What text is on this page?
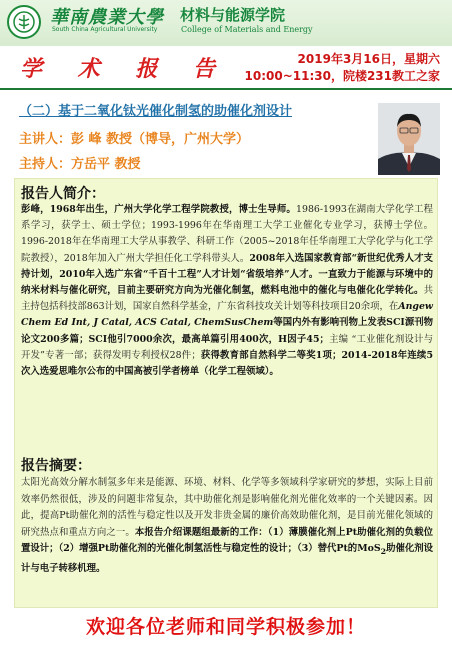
華南農業大學
South China Agricultural University
材料与能源学院
College of Materials and Energy
学 术 报 告	2019年3月16日，星期六
10:00~11:30，院楼231教工之家
（二）基于二氧化钛光催化制氢的助催化剂设计
主讲人：彭 峰 教授（博导，广州大学）
主持人：方岳平 教授
报告人简介：

彭峰，1968年出生，广州大学化学工程学院教授，博士生导师。1986-1993在湖南大学化学工程系学习，获学士、硕士学位；1993-1996年在华南理工大学工业催化专业学习，获博士学位。1996-2018年在华南理工大学从事教学、科研工作（2005~2018年任华南理工大学化学与化工学院教授），2018年加入广州大学担任化工学科带头人。2008年入选国家教育部“新世纪优秀人才支持计划，2010年入选广东省“千百十工程”人才计划“省级培养”人才。一直致力于能源与环境中的纳米材料与催化研究，目前主要研究方向为光催化制氢，燃料电池中的催化与电催化化学转化。共主持包括科技部863计划，国家自然科学基金，广东省科技攻关计划等科技项目20余项，在Angew Chem Ed Int, J Catal, ACS Catal, ChemSusChem等国内外有影响刊物上发表SCI源刊物论文200多篇；SCI他引7000余次，最高单篇引用400次，H因子45；主编 “工业催化剂设计与开发”专著一部；获得发明专利授权28件；获得教育部自然科学二等奖1项；2014-2018年连续5次入选爱思唯尔公布的中国高被引学者榜单（化学工程领域）。

报告摘要：

太阳光高效分解水制氢多年来是能源、环境、材料、化学等多领域科学家研究的梦想，实际上目前效率仍然很低，涉及的问题非常复杂，其中助催化剂是影响催化剂光催化效率的一个关键因素。因此，提高Pt助催化剂的活性与稳定性以及开发非贵金属的廉价高效助催化剂，是目前光催化领域的研究热点和重点方向之一。本报告介绍课题组最新的工作：（1）薄膜催化剂上Pt助催化剂的负载位置设计；（2）增强Pt助催化剂的光催化制氢活性与稳定性的设计；（3）替代Pt的MoS$_2$助催化剂设计与电子转移机理。

欢迎各位老师和同学积极参加！
